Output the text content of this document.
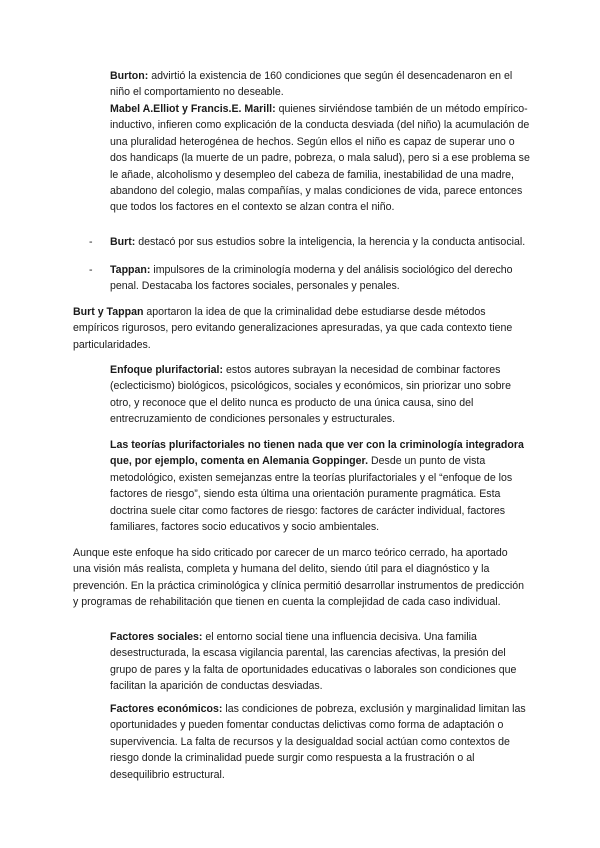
Burton: advirtió la existencia de 160 condiciones que según él desencadenaron en el niño el comportamiento no deseable.

Mabel A.Elliot y Francis.E. Marill: quienes sirviéndose también de un método empírico-inductivo, infieren como explicación de la conducta desviada (del niño) la acumulación de una pluralidad heterogénea de hechos. Según ellos el niño es capaz de superar uno o dos handicaps (la muerte de un padre, pobreza, o mala salud), pero si a ese problema se le añade, alcoholismo y desempleo del cabeza de familia, inestabilidad de una madre, abandono del colegio, malas compañías, y malas condiciones de vida, parece entonces que todos los factores en el contexto se alzan contra el niño.

-	Burt: destacó por sus estudios sobre la inteligencia, la herencia y la conducta antisocial.

-	Tappan: impulsores de la criminología moderna y del análisis sociológico del derecho penal. Destacaba los factores sociales, personales y penales.

Burt y Tappan aportaron la idea de que la criminalidad debe estudiarse desde métodos empíricos rigurosos, pero evitando generalizaciones apresuradas, ya que cada contexto tiene particularidades.

Enfoque plurifactorial: estos autores subrayan la necesidad de combinar factores (eclecticismo) biológicos, psicológicos, sociales y económicos, sin priorizar uno sobre otro, y reconoce que el delito nunca es producto de una única causa, sino del entrecruzamiento de condiciones personales y estructurales.

Las teorías plurifactoriales no tienen nada que ver con la criminología integradora que, por ejemplo, comenta en Alemania Goppinger. Desde un punto de vista metodológico, existen semejanzas entre la teorías plurifactoriales y el “enfoque de los factores de riesgo”, siendo esta última una orientación puramente pragmática. Esta doctrina suele citar como factores de riesgo: factores de carácter individual, factores familiares, factores socio educativos y socio ambientales.

Aunque este enfoque ha sido criticado por carecer de un marco teórico cerrado, ha aportado una visión más realista, completa y humana del delito, siendo útil para el diagnóstico y la prevención. En la práctica criminológica y clínica permitió desarrollar instrumentos de predicción y programas de rehabilitación que tienen en cuenta la complejidad de cada caso individual.

Factores sociales: el entorno social tiene una influencia decisiva. Una familia desestructurada, la escasa vigilancia parental, las carencias afectivas, la presión del grupo de pares y la falta de oportunidades educativas o laborales son condiciones que facilitan la aparición de conductas desviadas.

Factores económicos: las condiciones de pobreza, exclusión y marginalidad limitan las oportunidades y pueden fomentar conductas delictivas como forma de adaptación o supervivencia. La falta de recursos y la desigualdad social actúan como contextos de riesgo donde la criminalidad puede surgir como respuesta a la frustración o al desequilibrio estructural.
